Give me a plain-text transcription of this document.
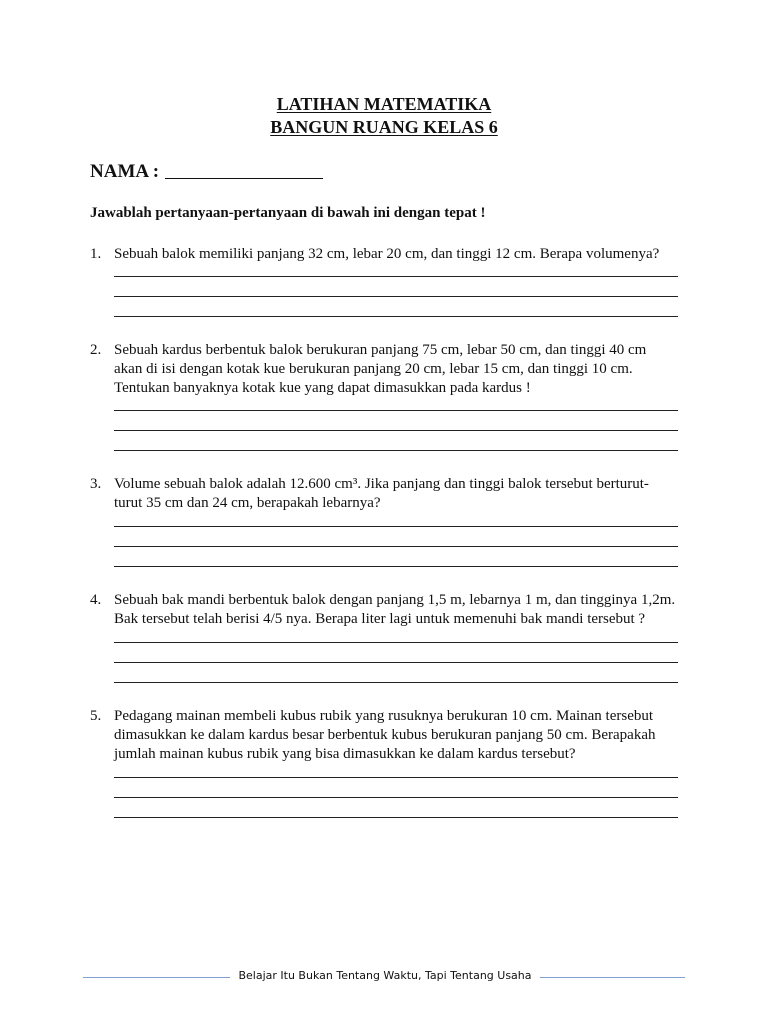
LATIHAN MATEMATIKA
BANGUN RUANG KELAS 6
NAMA :
Jawablah pertanyaan-pertanyaan di bawah ini dengan tepat !
1. Sebuah balok memiliki panjang 32 cm, lebar 20 cm, dan tinggi 12 cm. Berapa volumenya?
2. Sebuah kardus berbentuk balok berukuran panjang 75 cm, lebar 50 cm, dan tinggi 40 cm
akan di isi dengan kotak kue berukuran panjang 20 cm, lebar 15 cm, dan tinggi 10 cm.
Tentukan banyaknya kotak kue yang dapat dimasukkan pada kardus !
3. Volume sebuah balok adalah 12.600 cm³. Jika panjang dan tinggi balok tersebut berturut-
turut 35 cm dan 24 cm, berapakah lebarnya?
4. Sebuah bak mandi berbentuk balok dengan panjang 1,5 m, lebarnya 1 m, dan tingginya 1,2m.
Bak tersebut telah berisi 4/5 nya. Berapa liter lagi untuk memenuhi bak mandi tersebut ?
5. Pedagang mainan membeli kubus rubik yang rusuknya berukuran 10 cm. Mainan tersebut
dimasukkan ke dalam kardus besar berbentuk kubus berukuran panjang 50 cm. Berapakah
jumlah mainan kubus rubik yang bisa dimasukkan ke dalam kardus tersebut?
Belajar Itu Bukan Tentang Waktu, Tapi Tentang Usaha
